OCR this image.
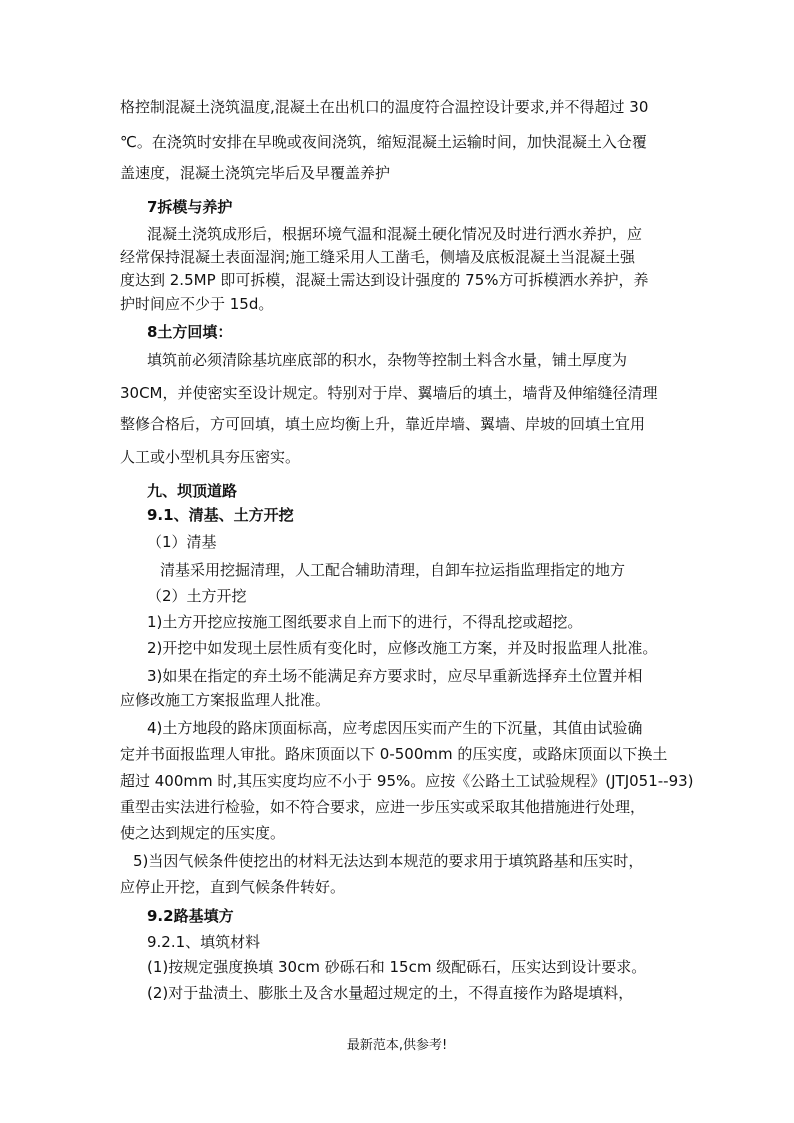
格控制混凝土浇筑温度,混凝土在出机口的温度符合温控设计要求,并不得超过 30
℃。在浇筑时安排在早晚或夜间浇筑，缩短混凝土运输时间，加快混凝土入仓覆
盖速度，混凝土浇筑完毕后及早覆盖养护
7拆模与养护
混凝土浇筑成形后，根据环境气温和混凝土硬化情况及时进行洒水养护，应
经常保持混凝土表面湿润;施工缝采用人工凿毛，侧墙及底板混凝土当混凝土强
度达到 2.5MP 即可拆模，混凝土需达到设计强度的 75%方可拆模洒水养护，养
护时间应不少于 15d。
8土方回填：
填筑前必须清除基坑座底部的积水，杂物等控制土料含水量，铺土厚度为
30CM，并使密实至设计规定。特别对于岸、翼墙后的填土，墙背及伸缩缝径清理
整修合格后，方可回填，填土应均衡上升，靠近岸墙、翼墙、岸坡的回填土宜用
人工或小型机具夯压密实。
九、坝顶道路
9.1、清基、土方开挖
（1）清基
清基采用挖掘清理，人工配合辅助清理，自卸车拉运指监理指定的地方
（2）土方开挖
1)土方开挖应按施工图纸要求自上而下的进行，不得乱挖或超挖。
2)开挖中如发现土层性质有变化时，应修改施工方案，并及时报监理人批准。
3)如果在指定的弃土场不能满足弃方要求时，应尽早重新选择弃土位置并相
应修改施工方案报监理人批准。
4)土方地段的路床顶面标高，应考虑因压实而产生的下沉量，其值由试验确
定并书面报监理人审批。路床顶面以下 0-500mm 的压实度，或路床顶面以下换土
超过 400mm 时,其压实度均应不小于 95%。应按《公路土工试验规程》(JTJ051--93)
重型击实法进行检验，如不符合要求，应进一步压实或采取其他措施进行处理，
使之达到规定的压实度。
5)当因气候条件使挖出的材料无法达到本规范的要求用于填筑路基和压实时，
应停止开挖，直到气候条件转好。
9.2路基填方
9.2.1、填筑材料
(1)按规定强度换填 30cm 砂砾石和 15cm 级配砾石，压实达到设计要求。
(2)对于盐渍土、膨胀土及含水量超过规定的土，不得直接作为路堤填料，
最新范本,供参考!
